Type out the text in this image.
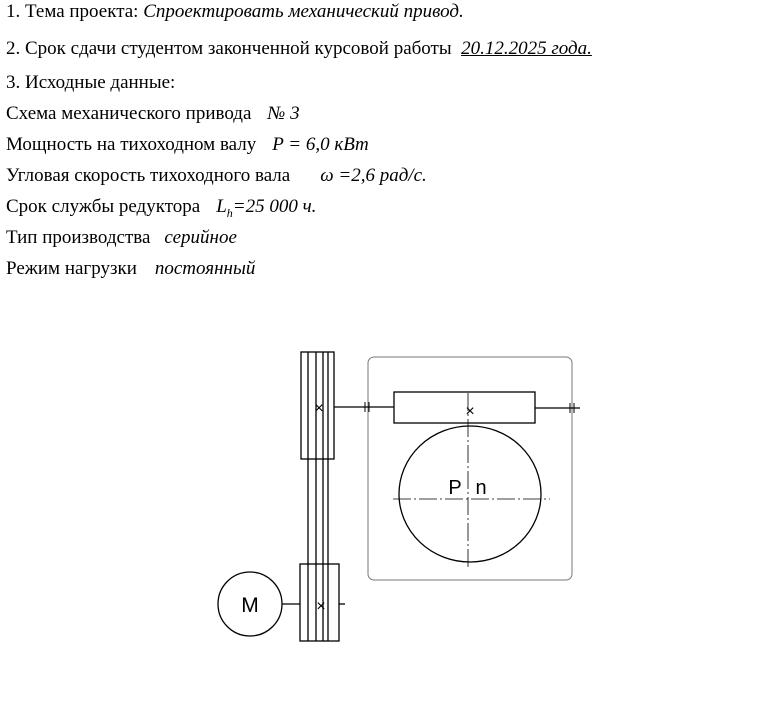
1. Тема проекта: Спроектировать механический привод.
2. Срок сдачи студентом законченной курсовой работы 20.12.2025 года.
3. Исходные данные:
Схема механического привода № 3
Мощность на тихоходном валу P = 6,0 кВт
Угловая скорость тихоходного вала ω =2,6 рад/с.
Срок службы редуктора $L_h=25$ 000 ч.
Тип производства серийное
Режим нагрузки постоянный
M
P n
×	×
×
